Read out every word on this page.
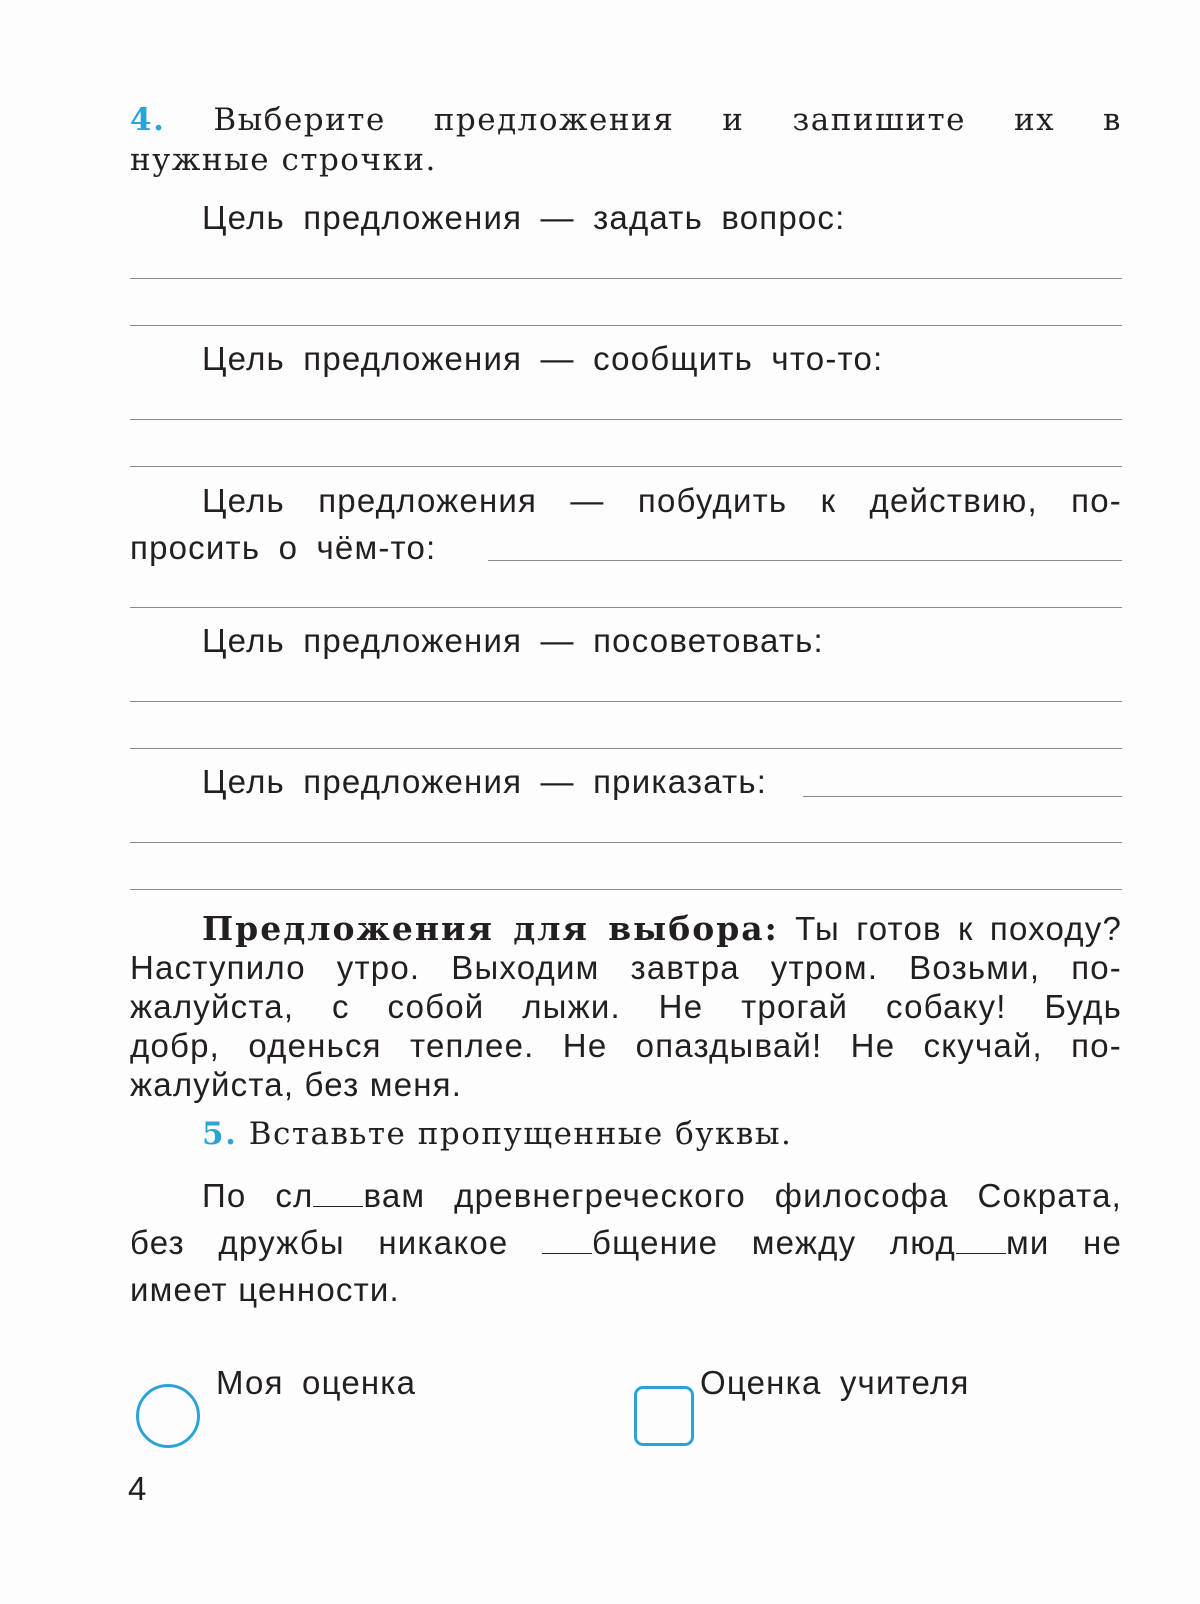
4. Выберите предложения и запишите их в
нужные строчки.
Цель предложения — задать вопрос:
Цель предложения — сообщить что-то:
Цель предложения — побудить к действию, по-
просить о чём-то:
Цель предложения — посоветовать:
Цель предложения — приказать:
Предложения для выбора: Ты готов к походу?
Наступило утро. Выходим завтра утром. Возьми, по-
жалуйста, с собой лыжи. Не трогай собаку! Будь
добр, оденься теплее. Не опаздывай! Не скучай, по-
жалуйста, без меня.
5. Вставьте пропущенные буквы.
По сл вам древнегреческого философа Сократа,
без дружбы никакое бщение между люд ми не
имеет ценности.
Моя оценка	Оценка учителя
4
